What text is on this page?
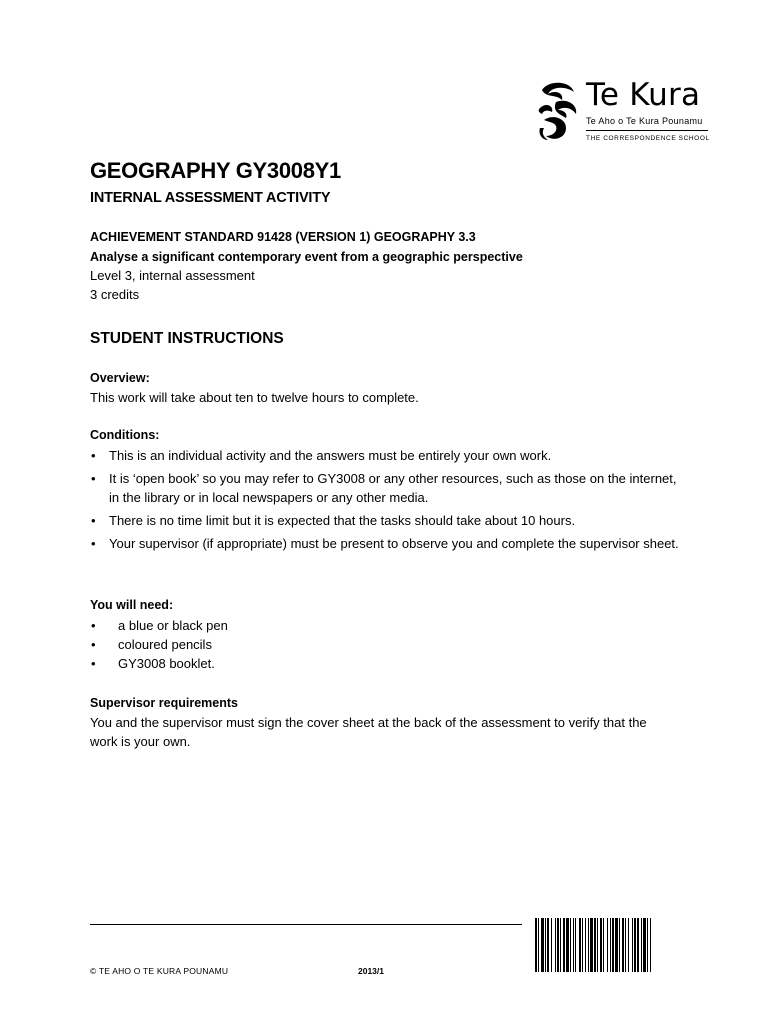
Te Kura
Te Aho o Te Kura Pounamu
THE CORRESPONDENCE SCHOOL
GEOGRAPHY GY3008Y1
INTERNAL ASSESSMENT ACTIVITY
ACHIEVEMENT STANDARD 91428 (VERSION 1) GEOGRAPHY 3.3
Analyse a significant contemporary event from a geographic perspective
Level 3, internal assessment
3 credits
STUDENT INSTRUCTIONS
Overview:
This work will take about ten to twelve hours to complete.
Conditions:
• This is an individual activity and the answers must be entirely your own work.
• It is ‘open book’ so you may refer to GY3008 or any other resources, such as those on the internet, in the library or in local newspapers or any other media.
• There is no time limit but it is expected that the tasks should take about 10 hours.
• Your supervisor (if appropriate) must be present to observe you and complete the supervisor sheet.
You will need:
• a blue or black pen
• coloured pencils
• GY3008 booklet.
Supervisor requirements
You and the supervisor must sign the cover sheet at the back of the assessment to verify that the work is your own.
© TE AHO O TE KURA POUNAMU	2013/1
